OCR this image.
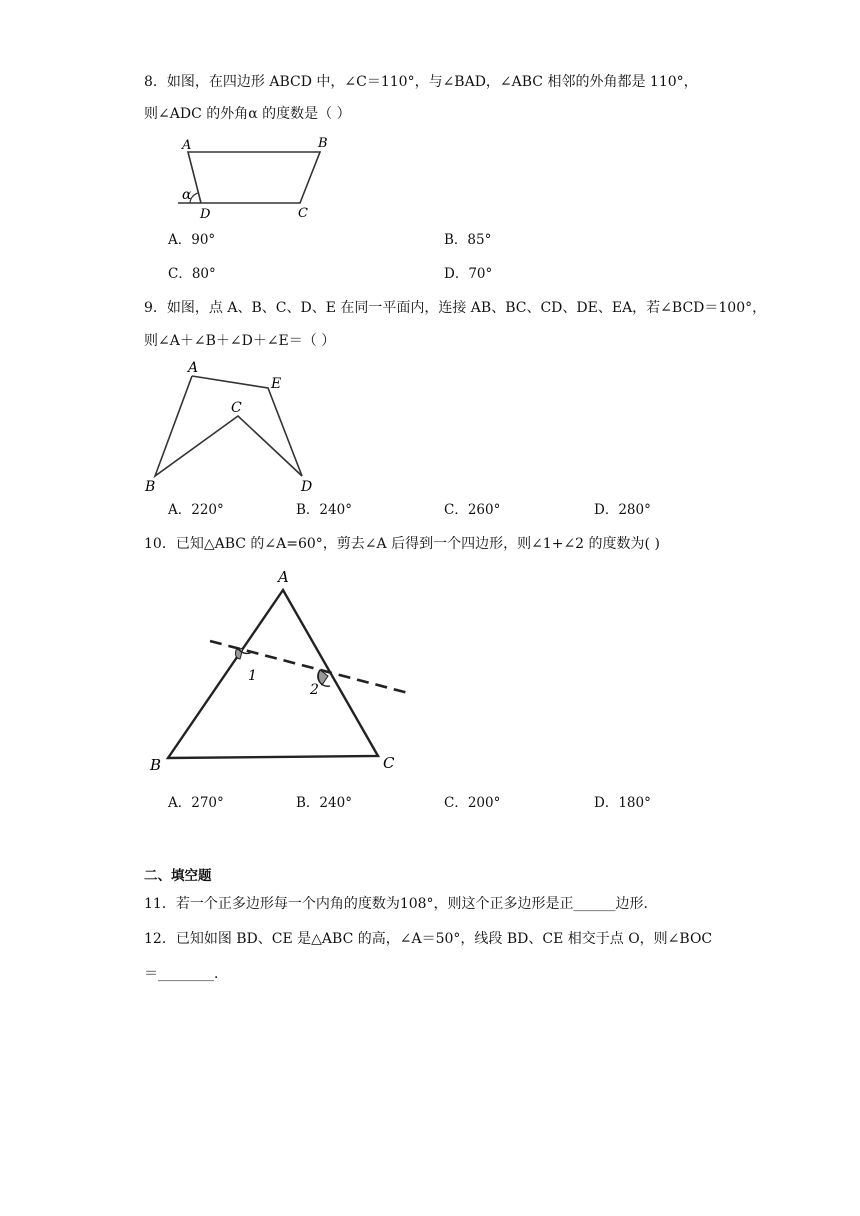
8．如图，在四边形 ABCD 中，∠C＝110°，与∠BAD，∠ABC 相邻的外角都是 110°，
则∠ADC 的外角α 的度数是（ ）
A	B
C
D
α
A．90°	B．85°
C．80°	D．70°
9．如图，点 A、B、C、D、E 在同一平面内，连接 AB、BC、CD、DE、EA，若∠BCD＝100°，
则∠A＋∠B＋∠D＋∠E＝（ ）
A
B
C
D
E
A．220°	B．240°	C．260°	D．280°
10．已知△ABC 的∠A=60°，剪去∠A 后得到一个四边形，则∠1+∠2 的度数为( )
A
B	C
1
2
A．270°	B．240°	C．200°	D．180°
二、填空题
11．若一个正多边形每一个内角的度数为108°，则这个正多边形是正______边形．
12．已知如图 BD、CE 是△ABC 的高，∠A＝50°，线段 BD、CE 相交于点 O，则∠BOC
＝________．
